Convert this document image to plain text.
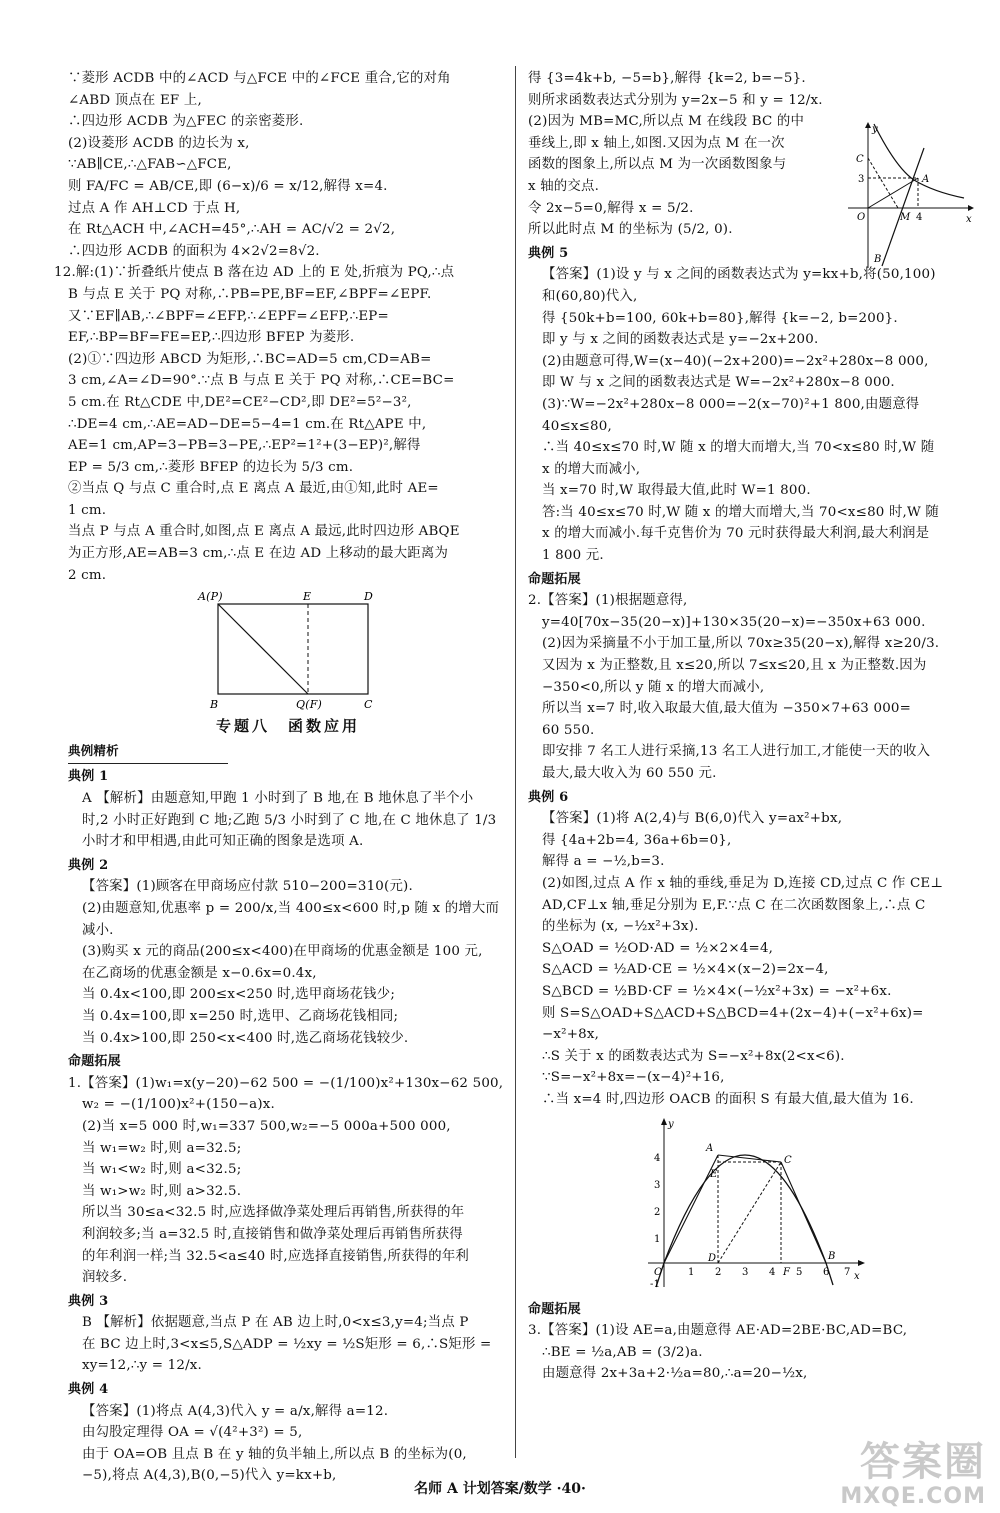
∵菱形 ACDB 中的∠ACD 与△FCE 中的∠FCE 重合,它的对角
∠ABD 顶点在 EF 上,
∴四边形 ACDB 为△FEC 的亲密菱形.
(2)设菱形 ACDB 的边长为 x,
∵AB∥CE,∴△FAB∽△FCE,
则 FA/FC = AB/CE,即 (6−x)/6 = x/12,解得 x=4.
过点 A 作 AH⊥CD 于点 H,
在 Rt△ACH 中,∠ACH=45°,∴AH = AC/√2 = 2√2,
∴四边形 ACDB 的面积为 4×2√2=8√2.
12.解:(1)∵折叠纸片使点 B 落在边 AD 上的 E 处,折痕为 PQ,∴点
B 与点 E 关于 PQ 对称,∴PB=PE,BF=EF,∠BPF=∠EPF.
又∵EF∥AB,∴∠BPF=∠EFP,∴∠EPF=∠EFP,∴EP=
EF,∴BP=BF=FE=EP,∴四边形 BFEP 为菱形.
(2)①∵四边形 ABCD 为矩形,∴BC=AD=5 cm,CD=AB=
3 cm,∠A=∠D=90°.∵点 B 与点 E 关于 PQ 对称,∴CE=BC=
5 cm.在 Rt△CDE 中,DE²=CE²−CD²,即 DE²=5²−3²,
∴DE=4 cm,∴AE=AD−DE=5−4=1 cm.在 Rt△APE 中,
AE=1 cm,AP=3−PB=3−PE,∴EP²=1²+(3−EP)²,解得
EP = 5/3 cm,∴菱形 BFEP 的边长为 5/3 cm.
②当点 Q 与点 C 重合时,点 E 离点 A 最近,由①知,此时 AE=
1 cm.
当点 P 与点 A 重合时,如图,点 E 离点 A 最远,此时四边形 ABQE
为正方形,AE=AB=3 cm,∴点 E 在边 AD 上移动的最大距离为
2 cm.
A(P)	E	D
B	Q(F)	C
专题八　函数应用
典例精析
典例 1
A 【解析】由题意知,甲跑 1 小时到了 B 地,在 B 地休息了半个小
时,2 小时正好跑到 C 地;乙跑 5/3 小时到了 C 地,在 C 地休息了 1/3
小时才和甲相遇,由此可知正确的图象是选项 A.
典例 2
【答案】(1)顾客在甲商场应付款 510−200=310(元).
(2)由题意知,优惠率 p = 200/x,当 400≤x<600 时,p 随 x 的增大而
减小.
(3)购买 x 元的商品(200≤x<400)在甲商场的优惠金额是 100 元,
在乙商场的优惠金额是 x−0.6x=0.4x,
当 0.4x<100,即 200≤x<250 时,选甲商场花钱少;
当 0.4x=100,即 x=250 时,选甲、乙商场花钱相同;
当 0.4x>100,即 250<x<400 时,选乙商场花钱较少.
命题拓展
1.【答案】(1)w₁=x(y−20)−62 500 = −(1/100)x²+130x−62 500,
w₂ = −(1/100)x²+(150−a)x.
(2)当 x=5 000 时,w₁=337 500,w₂=−5 000a+500 000,
当 w₁=w₂ 时,则 a=32.5;
当 w₁<w₂ 时,则 a<32.5;
当 w₁>w₂ 时,则 a>32.5.
所以当 30≤a<32.5 时,应选择做净菜处理后再销售,所获得的年
利润较多;当 a=32.5 时,直接销售和做净菜处理后再销售所获得
的年利润一样;当 32.5<a≤40 时,应选择直接销售,所获得的年利
润较多.
典例 3
B 【解析】依据题意,当点 P 在 AB 边上时,0<x≤3,y=4;当点 P
在 BC 边上时,3<x≤5,S△ADP = ½xy = ½S矩形 = 6,∴S矩形 =
xy=12,∴y = 12/x.
典例 4
【答案】(1)将点 A(4,3)代入 y = a/x,解得 a=12.
由勾股定理得 OA = √(4²+3²) = 5,
由于 OA=OB 且点 B 在 y 轴的负半轴上,所以点 B 的坐标为(0,
−5),将点 A(4,3),B(0,−5)代入 y=kx+b,
得 {3=4k+b, −5=b},解得 {k=2, b=−5}.
则所求函数表达式分别为 y=2x−5 和 y = 12/x.
(2)因为 MB=MC,所以点 M 在线段 BC 的中
垂线上,即 x 轴上,如图.又因为点 M 在一次
函数的图象上,所以点 M 为一次函数图象与
x 轴的交点.
令 2x−5=0,解得 x = 5/2.
所以此时点 M 的坐标为 (5/2, 0).
y
x
C
A
3
O	M 4
B
典例 5
【答案】(1)设 y 与 x 之间的函数表达式为 y=kx+b,将(50,100)
和(60,80)代入,
得 {50k+b=100, 60k+b=80},解得 {k=−2, b=200}.
即 y 与 x 之间的函数表达式是 y=−2x+200.
(2)由题意可得,W=(x−40)(−2x+200)=−2x²+280x−8 000,
即 W 与 x 之间的函数表达式是 W=−2x²+280x−8 000.
(3)∵W=−2x²+280x−8 000=−2(x−70)²+1 800,由题意得
40≤x≤80,
∴当 40≤x≤70 时,W 随 x 的增大而增大,当 70<x≤80 时,W 随
x 的增大而减小,
当 x=70 时,W 取得最大值,此时 W=1 800.
答:当 40≤x≤70 时,W 随 x 的增大而增大,当 70<x≤80 时,W 随
x 的增大而减小.每千克售价为 70 元时获得最大利润,最大利润是
1 800 元.
命题拓展
2.【答案】(1)根据题意得,
y=40[70x−35(20−x)]+130×35(20−x)=−350x+63 000.
(2)因为采摘量不小于加工量,所以 70x≥35(20−x),解得 x≥20/3.
又因为 x 为正整数,且 x≤20,所以 7≤x≤20,且 x 为正整数.因为
−350<0,所以 y 随 x 的增大而减小,
所以当 x=7 时,收入取最大值,最大值为 −350×7+63 000=
60 550.
即安排 7 名工人进行采摘,13 名工人进行加工,才能使一天的收入
最大,最大收入为 60 550 元.
典例 6
【答案】(1)将 A(2,4)与 B(6,0)代入 y=ax²+bx,
得 {4a+2b=4, 36a+6b=0},
解得 a = −½,b=3.
(2)如图,过点 A 作 x 轴的垂线,垂足为 D,连接 CD,过点 C 作 CE⊥
AD,CF⊥x 轴,垂足分别为 E,F.∵点 C 在二次函数图象上,∴点 C
的坐标为 (x, −½x²+3x).
S△OAD = ½OD·AD = ½×2×4=4,
S△ACD = ½AD·CE = ½×4×(x−2)=2x−4,
S△BCD = ½BD·CF = ½×4×(−½x²+3x) = −x²+6x.
则 S=S△OAD+S△ACD+S△BCD=4+(2x−4)+(−x²+6x)=
−x²+8x,
∴S 关于 x 的函数表达式为 S=−x²+8x(2<x<6).
∵S=−x²+8x=−(x−4)²+16,
∴当 x=4 时,四边形 OACB 的面积 S 有最大值,最大值为 16.
y
x
A
C
E
D
F
B
O
4
3
2
1
1 2 3 4 5 6 7
-1
命题拓展
3.【答案】(1)设 AE=a,由题意得 AE·AD=2BE·BC,AD=BC,
∴BE = ½a,AB = (3/2)a.
由题意得 2x+3a+2·½a=80,∴a=20−½x,
名师 A 计划答案/数学 ·40·
答案圈
MXQE.COM
